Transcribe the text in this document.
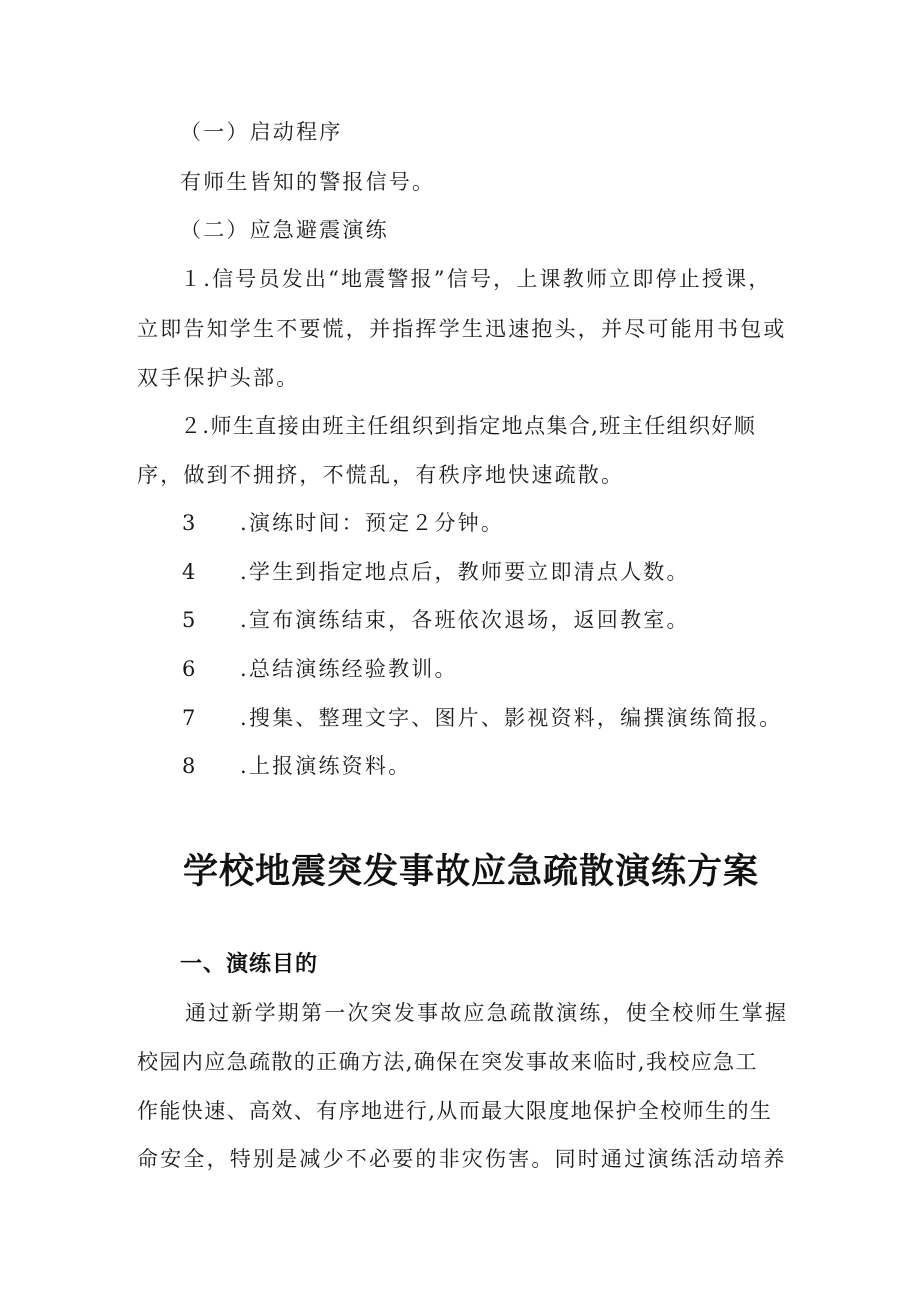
（一）启动程序
有师生皆知的警报信号。
（二）应急避震演练
１.信号员发出“地震警报”信号，上课教师立即停止授课，
立即告知学生不要慌，并指挥学生迅速抱头，并尽可能用书包或
双手保护头部。
２.师生直接由班主任组织到指定地点集合,班主任组织好顺
序，做到不拥挤，不慌乱，有秩序地快速疏散。
3 .演练时间：预定２分钟。
4 .学生到指定地点后，教师要立即清点人数。
5 .宣布演练结束，各班依次退场，返回教室。
6 .总结演练经验教训。
7 .搜集、整理文字、图片、影视资料，编撰演练简报。
8 .上报演练资料。
学校地震突发事故应急疏散演练方案
一、演练目的
通过新学期第一次突发事故应急疏散演练，使全校师生掌握
校园内应急疏散的正确方法,确保在突发事故来临时,我校应急工
作能快速、高效、有序地进行,从而最大限度地保护全校师生的生
命安全，特别是减少不必要的非灾伤害。同时通过演练活动培养
